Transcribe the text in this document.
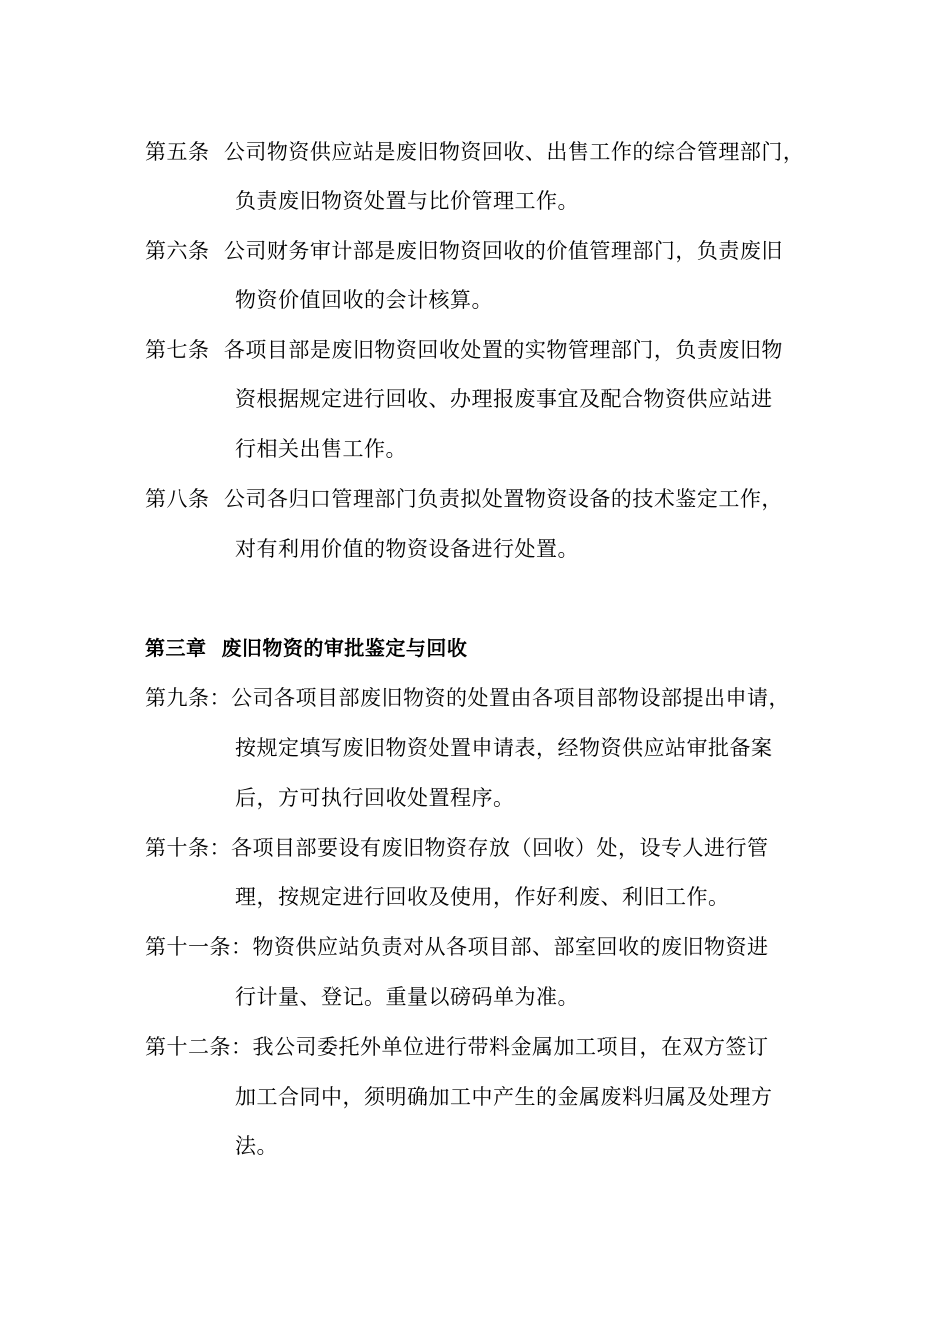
第五条 公司物资供应站是废旧物资回收、出售工作的综合管理部门，
负责废旧物资处置与比价管理工作。
第六条 公司财务审计部是废旧物资回收的价值管理部门，负责废旧
物资价值回收的会计核算。
第七条 各项目部是废旧物资回收处置的实物管理部门，负责废旧物
资根据规定进行回收、办理报废事宜及配合物资供应站进
行相关出售工作。
第八条 公司各归口管理部门负责拟处置物资设备的技术鉴定工作，
对有利用价值的物资设备进行处置。
第三章 废旧物资的审批鉴定与回收
第九条：公司各项目部废旧物资的处置由各项目部物设部提出申请，
按规定填写废旧物资处置申请表，经物资供应站审批备案
后，方可执行回收处置程序。
第十条：各项目部要设有废旧物资存放（回收）处，设专人进行管
理，按规定进行回收及使用，作好利废、利旧工作。
第十一条：物资供应站负责对从各项目部、部室回收的废旧物资进
行计量、登记。重量以磅码单为准。
第十二条：我公司委托外单位进行带料金属加工项目，在双方签订
加工合同中，须明确加工中产生的金属废料归属及处理方
法。
